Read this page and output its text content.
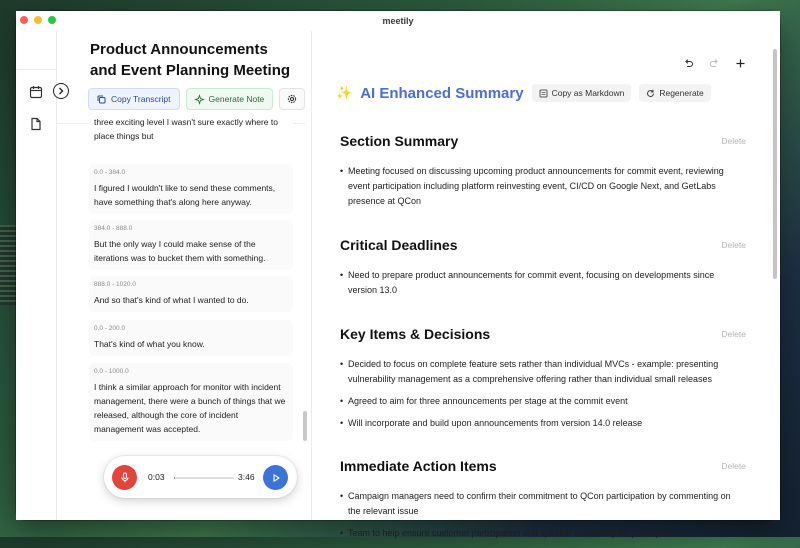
meetily
Product Announcements and Event Planning Meeting
Copy Transcript	Generate Note
three exciting level I wasn't sure exactly where to place things but
0.0 - 384.0
I figured I wouldn't like to send these comments, have something that's along here anyway.
384.0 - 888.0
But the only way I could make sense of the iterations was to bucket them with something.
888.0 - 1020.0
And so that's kind of what I wanted to do.
0.0 - 200.0
That's kind of what you know.
0.0 - 1000.0
I think a similar approach for monitor with incident management, there were a bunch of things that we released, although the core of incident management was accepted.
0:03	3:46
✨ AI Enhanced Summary	Copy as Markdown	Regenerate
Section Summary	Delete
• Meeting focused on discussing upcoming product announcements for commit event, reviewing event participation including platform reinvesting event, CI/CD on Google Next, and GetLabs presence at QCon
Critical Deadlines	Delete
• Need to prepare product announcements for commit event, focusing on developments since version 13.0
Key Items & Decisions	Delete
• Decided to focus on complete feature sets rather than individual MVCs - example: presenting vulnerability management as a comprehensive offering rather than individual small releases
• Agreed to aim for three announcements per stage at the commit event
• Will incorporate and build upon announcements from version 14.0 release
Immediate Action Items	Delete
• Campaign managers need to confirm their commitment to QCon participation by commenting on the relevant issue
• Team to help ensure customer participation and speaker availability for participation
